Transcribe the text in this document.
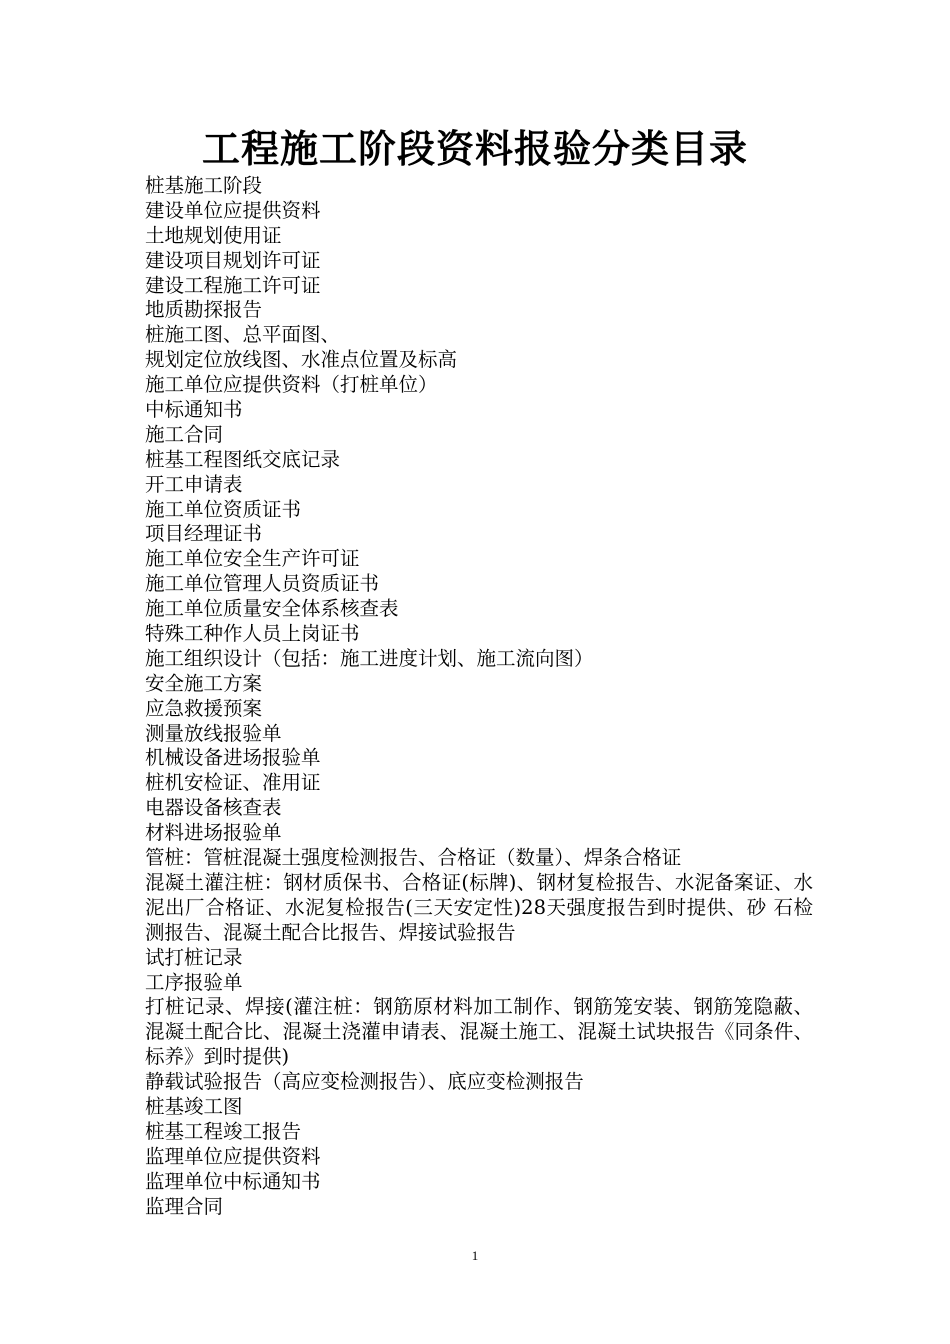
工程施工阶段资料报验分类目录
桩基施工阶段
建设单位应提供资料
土地规划使用证
建设项目规划许可证
建设工程施工许可证
地质勘探报告
桩施工图、总平面图、
规划定位放线图、水准点位置及标高
施工单位应提供资料（打桩单位）
中标通知书
施工合同
桩基工程图纸交底记录
开工申请表
施工单位资质证书
项目经理证书
施工单位安全生产许可证
施工单位管理人员资质证书
施工单位质量安全体系核查表
特殊工种作人员上岗证书
施工组织设计（包括：施工进度计划、施工流向图）
安全施工方案
应急救援预案
测量放线报验单
机械设备进场报验单
桩机安检证、准用证
电器设备核查表
材料进场报验单
管桩：管桩混凝土强度检测报告、合格证（数量）、焊条合格证
混凝土灌注桩：钢材质保书、合格证(标牌)、钢材复检报告、水泥备案证、水泥出厂合格证、水泥复检报告(三天安定性)28天强度报告到时提供、砂 石检测报告、混凝土配合比报告、焊接试验报告
试打桩记录
工序报验单
打桩记录、焊接(灌注桩：钢筋原材料加工制作、钢筋笼安装、钢筋笼隐蔽、混凝土配合比、混凝土浇灌申请表、混凝土施工、混凝土试块报告《同条件、标养》到时提供)
静载试验报告（高应变检测报告）、底应变检测报告
桩基竣工图
桩基工程竣工报告
监理单位应提供资料
监理单位中标通知书
监理合同
1
